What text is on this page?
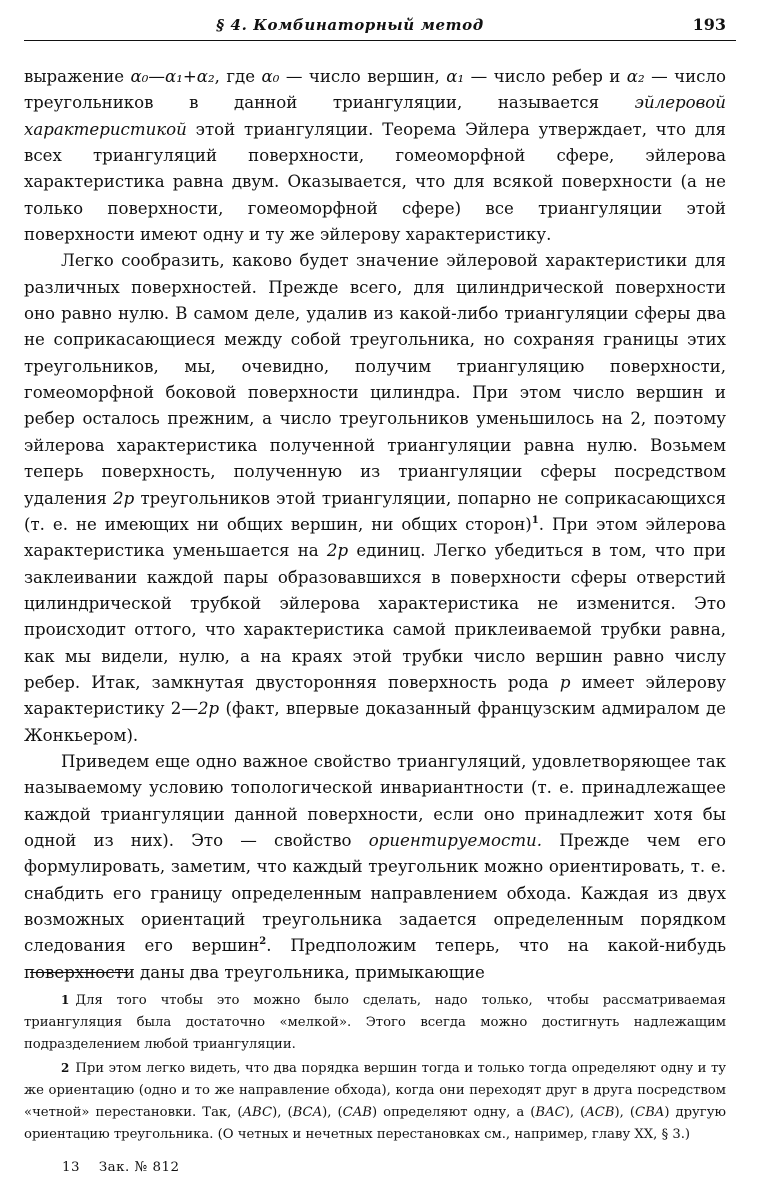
§ 4. Комбинаторный метод	193

выражение α₀—α₁+α₂, где α₀ — число вершин, α₁ — число ребер и α₂ — число треугольников в данной триангуляции, называется эйлеровой характеристикой этой триангуляции. Теорема Эйлера утверждает, что для всех триангуляций поверхности, гомеоморфной сфере, эйлерова характеристика равна двум. Оказывается, что для всякой поверхности (а не только поверхности, гомеоморфной сфере) все триангуляции этой поверхности имеют одну и ту же эйлерову характеристику.

Легко сообразить, каково будет значение эйлеровой характеристики для различных поверхностей. Прежде всего, для цилиндрической поверхности оно равно нулю. В самом деле, удалив из какой-либо триангуляции сферы два не соприкасающиеся между собой треугольника, но сохраняя границы этих треугольников, мы, очевидно, получим триангуляцию поверхности, гомеоморфной боковой поверхности цилиндра. При этом число вершин и ребер осталось прежним, а число треугольников уменьшилось на 2, поэтому эйлерова характеристика полученной триангуляции равна нулю. Возьмем теперь поверхность, полученную из триангуляции сферы посредством удаления 2p треугольников этой триангуляции, попарно не соприкасающихся (т. е. не имеющих ни общих вершин, ни общих сторон)$^1$. При этом эйлерова характеристика уменьшается на 2p единиц. Легко убедиться в том, что при заклеивании каждой пары образовавшихся в поверхности сферы отверстий цилиндрической трубкой эйлерова характеристика не изменится. Это происходит оттого, что характеристика самой приклеиваемой трубки равна, как мы видели, нулю, а на краях этой трубки число вершин равно числу ребер. Итак, замкнутая двусторонняя поверхность рода p имеет эйлерову характеристику 2—2p (факт, впервые доказанный французским адмиралом де Жонкьером).

Приведем еще одно важное свойство триангуляций, удовлетворяющее так называемому условию топологической инвариантности (т. е. принадлежащее каждой триангуляции данной поверхности, если оно принадлежит хотя бы одной из них). Это — свойство ориентируемости. Прежде чем его формулировать, заметим, что каждый треугольник можно ориентировать, т. е. снабдить его границу определенным направлением обхода. Каждая из двух возможных ориентаций треугольника задается определенным порядком следования его вершин$^2$. Предположим теперь, что на какой-нибудь поверхности даны два треугольника, примыкающие

1 Для того чтобы это можно было сделать, надо только, чтобы рассматриваемая триангуляция была достаточно «мелкой». Этого всегда можно достигнуть надлежащим подразделением любой триангуляции.

2 При этом легко видеть, что два порядка вершин тогда и только тогда определяют одну и ту же ориентацию (одно и то же направление обхода), когда они переходят друг в друга посредством «четной» перестановки. Так, (ABC), (BCA), (CAB) определяют одну, а (BAC), (ACB), (CBA) другую ориентацию треугольника. (О четных и нечетных перестановках см., например, главу XX, § 3.)

13 Зак. № 812
